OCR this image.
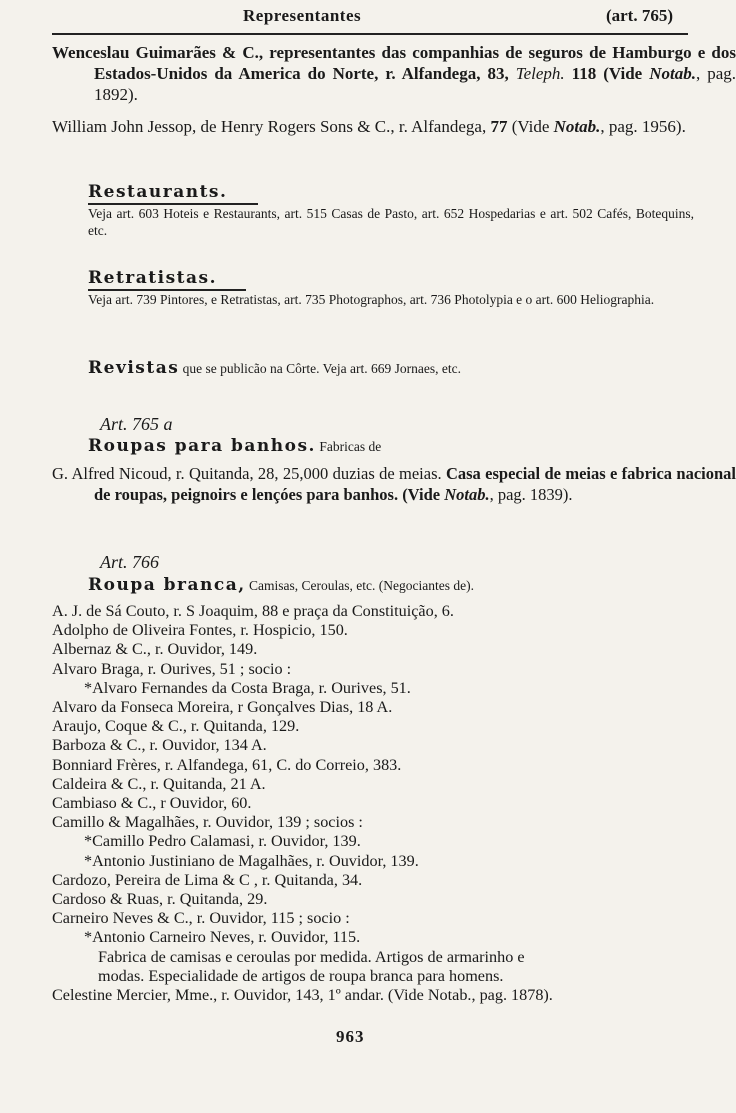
Representantes	(art. 765)

Wenceslau Guimarães & C., representantes das companhias de seguros de Hamburgo e dos Estados-Unidos da America do Norte, r. Alfandega, 83, Teleph. 118 (Vide Notab., pag. 1892).

William John Jessop, de Henry Rogers Sons & C., r. Alfandega, 77 (Vide Notab., pag. 1956).

Restaurants.
Veja art. 603 Hoteis e Restaurants, art. 515 Casas de Pasto, art. 652 Hospedarias e art. 502 Cafés, Botequins, etc.
Retratistas.
Veja art. 739 Pintores, e Retratistas, art. 735 Photographos, art. 736 Photolypia e o art. 600 Heliographia.
Revistas que se publicão na Côrte. Veja art. 669 Jornaes, etc.
Art. 765 a
Roupas para banhos. Fabricas de

G. Alfred Nicoud, r. Quitanda, 28, 25,000 duzias de meias. Casa especial de meias e fabrica nacional de roupas, peignoirs e lençóes para banhos. (Vide Notab., pag. 1839).

Art. 766
Roupa branca, Camisas, Ceroulas, etc. (Negociantes de).
A. J. de Sá Couto, r. S Joaquim, 88 e praça da Constituição, 6.
Adolpho de Oliveira Fontes, r. Hospicio, 150.
Albernaz & C., r. Ouvidor, 149.
Alvaro Braga, r. Ourives, 51 ; socio :
*Alvaro Fernandes da Costa Braga, r. Ourives, 51.
Alvaro da Fonseca Moreira, r Gonçalves Dias, 18 A.
Araujo, Coque & C., r. Quitanda, 129.
Barboza & C., r. Ouvidor, 134 A.
Bonniard Frères, r. Alfandega, 61, C. do Correio, 383.
Caldeira & C., r. Quitanda, 21 A.
Cambiaso & C., r Ouvidor, 60.
Camillo & Magalhães, r. Ouvidor, 139 ; socios :
*Camillo Pedro Calamasi, r. Ouvidor, 139.
*Antonio Justiniano de Magalhães, r. Ouvidor, 139.
Cardozo, Pereira de Lima & C , r. Quitanda, 34.
Cardoso & Ruas, r. Quitanda, 29.
Carneiro Neves & C., r. Ouvidor, 115 ; socio :
*Antonio Carneiro Neves, r. Ouvidor, 115.
Fabrica de camisas e ceroulas por medida. Artigos de armarinho e
modas. Especialidade de artigos de roupa branca para homens.
Celestine Mercier, Mme., r. Ouvidor, 143, 1º andar. (Vide Notab., pag. 1878).
963
